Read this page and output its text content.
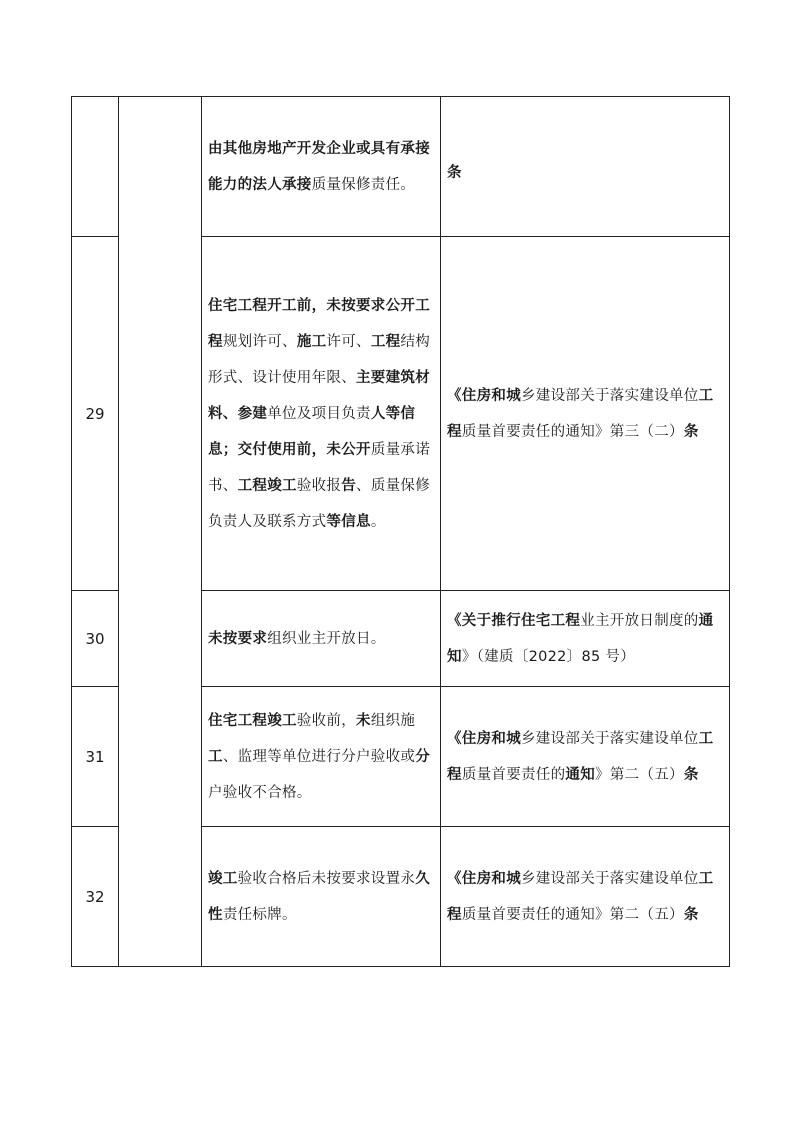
		由其他房地产开发企业或具有承接能力的法人承接质量保修责任。	条
29		住宅工程开工前，未按要求公开工程规划许可、施工许可、工程结构形式、设计使用年限、主要建筑材料、参建单位及项目负责人等信息；交付使用前，未公开质量承诺书、工程竣工验收报告、质量保修负责人及联系方式等信息。	《住房和城乡建设部关于落实建设单位工程质量首要责任的通知》第三（二）条
30		未按要求组织业主开放日。	《关于推行住宅工程业主开放日制度的通知》（建质〔2022〕85 号）
31		住宅工程竣工验收前，未组织施工、监理等单位进行分户验收或分户验收不合格。	《住房和城乡建设部关于落实建设单位工程质量首要责任的通知》第二（五）条
32		竣工验收合格后未按要求设置永久性责任标牌。	《住房和城乡建设部关于落实建设单位工程质量首要责任的通知》第二（五）条
